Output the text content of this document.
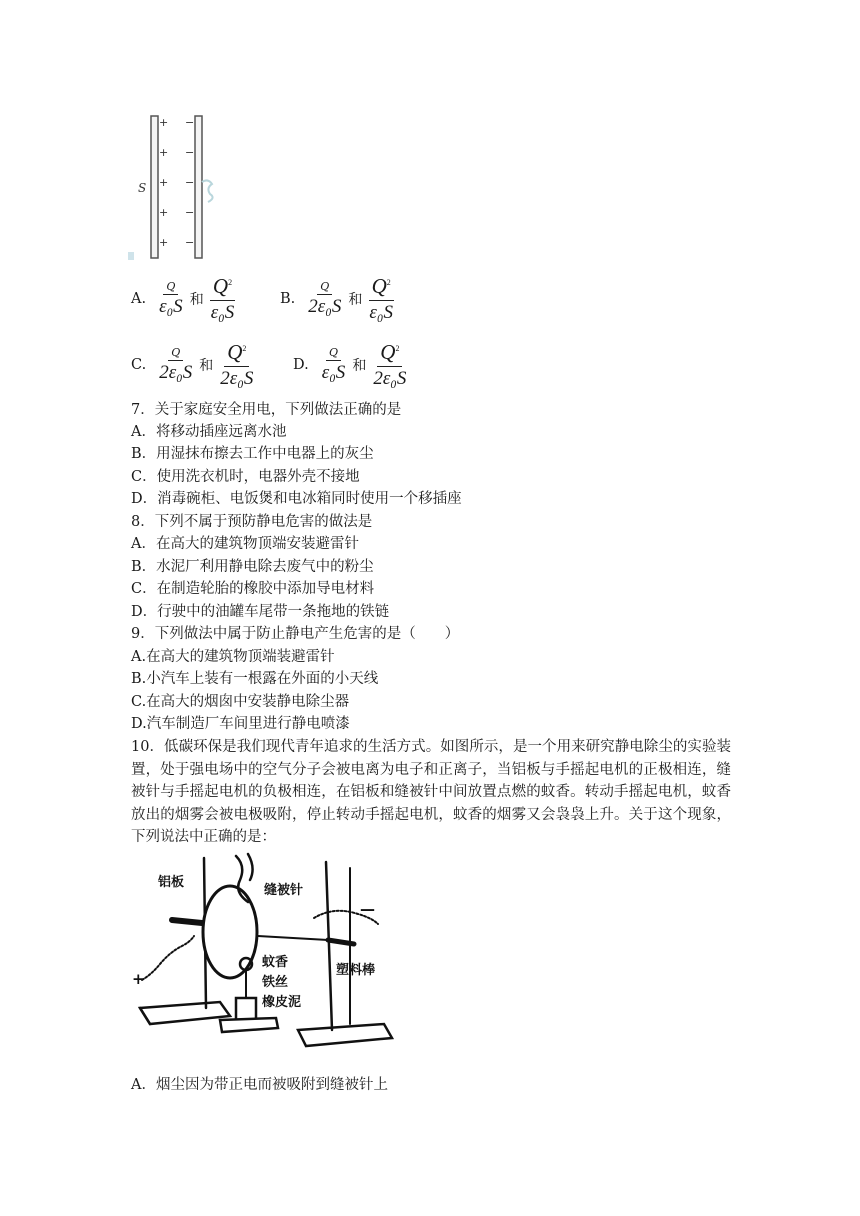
+
+
+
+
+
−
−
−
−
−
S
A. $\frac{Q}{\text{ε₀S}}$ 和 $\frac{Q^2}{\text{ε₀S}}$	B. $\frac{Q}{\text{2ε₀S}}$ 和 $\frac{Q^2}{\text{ε₀S}}$
C. $\frac{Q}{\text{2ε₀S}}$ 和 $\frac{Q^2}{\text{2ε₀S}}$	D. $\frac{Q}{\text{ε₀S}}$ 和 $\frac{Q^2}{\text{2ε₀S}}$
7．关于家庭安全用电，下列做法正确的是
A．将移动插座远离水池
B．用湿抹布擦去工作中电器上的灰尘
C．使用洗衣机时，电器外壳不接地
D．消毒碗柜、电饭煲和电冰箱同时使用一个移插座
8．下列不属于预防静电危害的做法是
A．在高大的建筑物顶端安装避雷针
B．水泥厂利用静电除去废气中的粉尘
C．在制造轮胎的橡胶中添加导电材料
D．行驶中的油罐车尾带一条拖地的铁链
9．下列做法中属于防止静电产生危害的是（　　）
A.在高大的建筑物顶端装避雷针
B.小汽车上装有一根露在外面的小天线
C.在高大的烟囱中安装静电除尘器
D.汽车制造厂车间里进行静电喷漆
10．低碳环保是我们现代青年追求的生活方式。如图所示，是一个用来研究静电除尘的实验装置，处于强电场中的空气分子会被电离为电子和正离子，当铝板与手摇起电机的正极相连，缝被针与手摇起电机的负极相连，在铝板和缝被针中间放置点燃的蚊香。转动手摇起电机，蚊香放出的烟雾会被电极吸附，停止转动手摇起电机，蚊香的烟雾又会袅袅上升。关于这个现象，下列说法中正确的是：
铝板
缝被针
蚊香
铁丝
橡皮泥
塑料棒
+
—
A．烟尘因为带正电而被吸附到缝被针上
